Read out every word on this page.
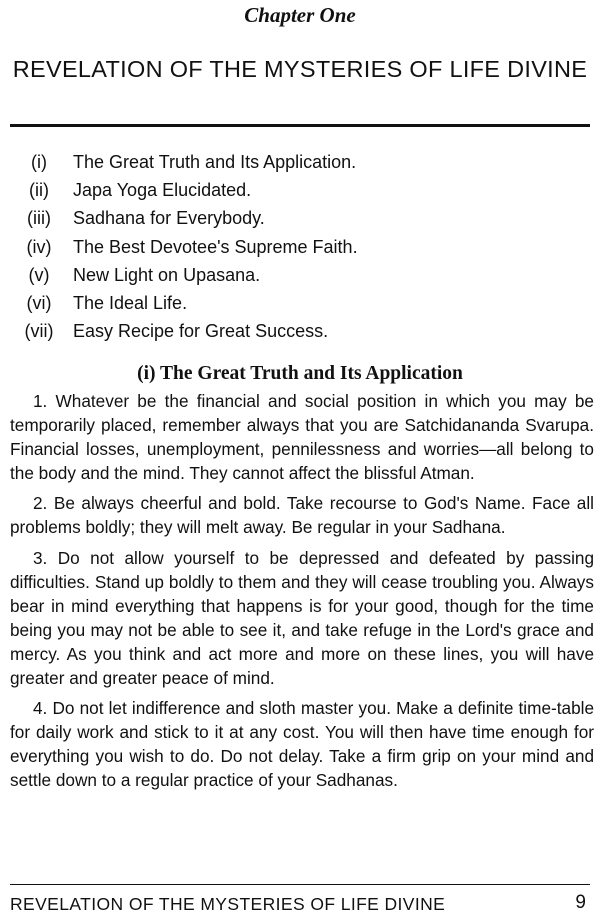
Chapter One
REVELATION OF THE MYSTERIES OF LIFE DIVINE
(i)	The Great Truth and Its Application.
(ii)	Japa Yoga Elucidated.
(iii)	Sadhana for Everybody.
(iv)	The Best Devotee's Supreme Faith.
(v)	New Light on Upasana.
(vi)	The Ideal Life.
(vii)	Easy Recipe for Great Success.
(i) The Great Truth and Its Application

1. Whatever be the financial and social position in which you may be temporarily placed, remember always that you are Satchidananda Svarupa. Financial losses, unemployment, pennilessness and worries—all belong to the body and the mind. They cannot affect the blissful Atman.

2. Be always cheerful and bold. Take recourse to God's Name. Face all problems boldly; they will melt away. Be regular in your Sadhana.

3. Do not allow yourself to be depressed and defeated by passing difficulties. Stand up boldly to them and they will cease troubling you. Always bear in mind everything that happens is for your good, though for the time being you may not be able to see it, and take refuge in the Lord's grace and mercy. As you think and act more and more on these lines, you will have greater and greater peace of mind.

4. Do not let indifference and sloth master you. Make a definite time-table for daily work and stick to it at any cost. You will then have time enough for everything you wish to do. Do not delay. Take a firm grip on your mind and settle down to a regular practice of your Sadhanas.

REVELATION OF THE MYSTERIES OF LIFE DIVINE	9
